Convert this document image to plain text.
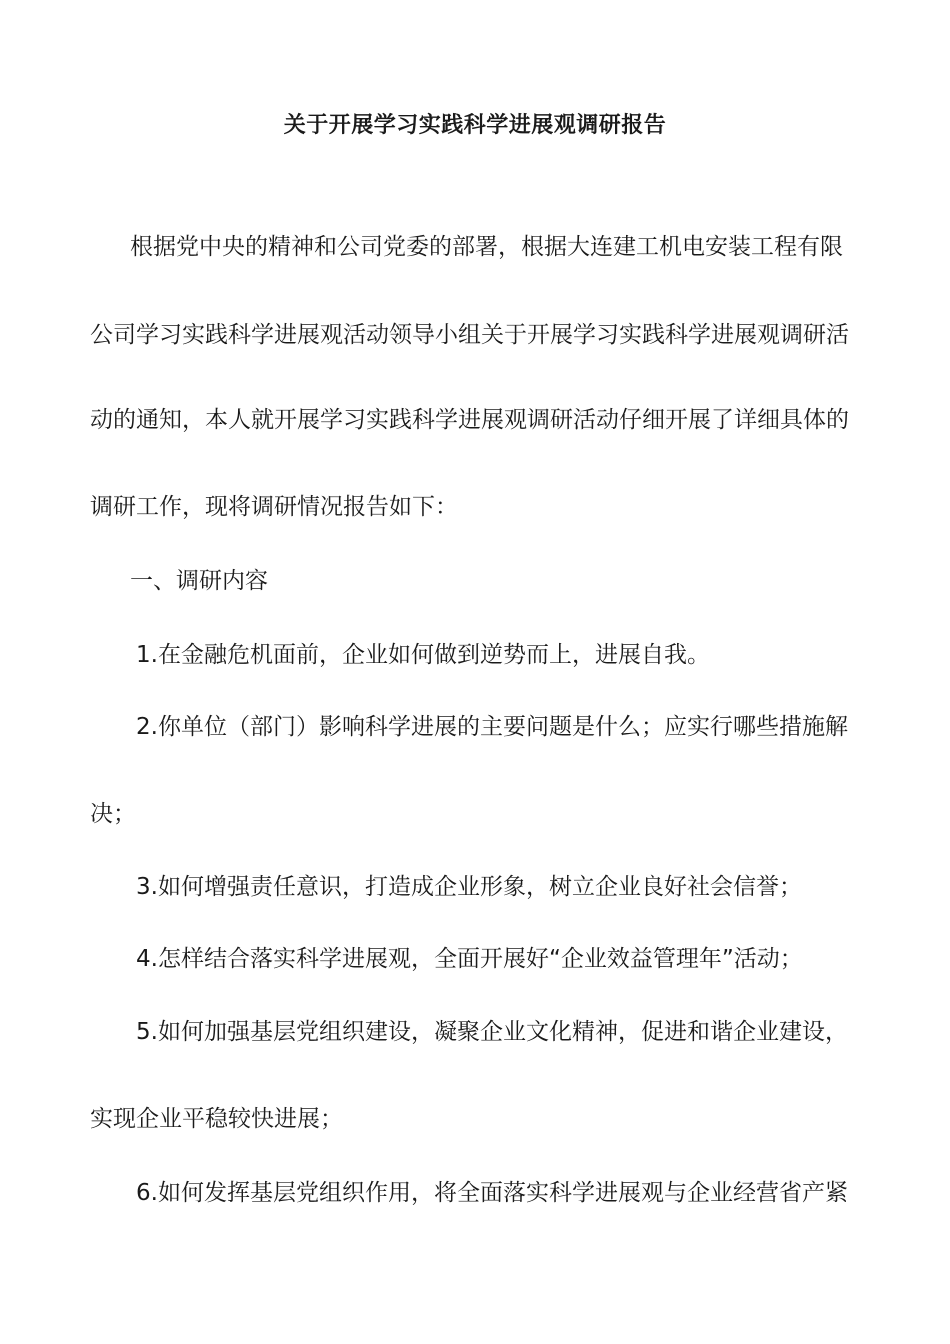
关于开展学习实践科学进展观调研报告
根据党中央的精神和公司党委的部署，根据大连建工机电安装工程有限
公司学习实践科学进展观活动领导小组关于开展学习实践科学进展观调研活
动的通知，本人就开展学习实践科学进展观调研活动仔细开展了详细具体的
调研工作，现将调研情况报告如下：
一、调研内容
1.在金融危机面前，企业如何做到逆势而上，进展自我。
2.你单位（部门）影响科学进展的主要问题是什么；应实行哪些措施解
决；
3.如何增强责任意识，打造成企业形象，树立企业良好社会信誉；
4.怎样结合落实科学进展观，全面开展好“企业效益管理年”活动；
5.如何加强基层党组织建设，凝聚企业文化精神，促进和谐企业建设，
实现企业平稳较快进展；
6.如何发挥基层党组织作用，将全面落实科学进展观与企业经营省产紧
